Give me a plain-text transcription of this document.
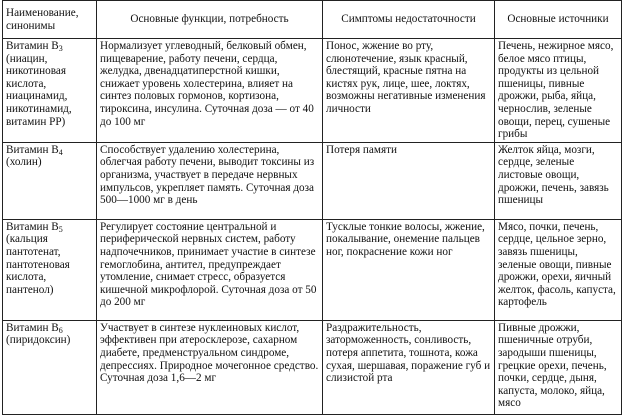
Наименование, синонимы	Основные функции, потребность	Симптомы недостаточности	Основные источники
Витамин $B_3$ (ниацин, никотиновая кислота, ниацинамид, никотинамид, витамин PP)	Нормализует углеводный, белковый обмен, пищеварение, работу печени, сердца, желудка, двенадцатиперстной кишки, снижает уровень холестерина, влияет на синтез половых гормонов, кортизона, тироксина, инсулина. Суточная доза — от 40 до 100 мг	Понос, жжение во рту, слюнотечение, язык красный, блестящий, красные пятна на кистях рук, лице, шее, локтях, возможны негативные изменения личности	Печень, нежирное мясо, белое мясо птицы, продукты из цельной пшеницы, пивные дрожжи, рыба, яйца, чернослив, зеленые овощи, перец, сушеные грибы
Витамин $B_4$ (холин)	Способствует удалению холестерина, облегчая работу печени, выводит токсины из организма, участвует в передаче нервных импульсов, укрепляет память. Суточная доза 500—1000 мг в день	Потеря памяти	Желток яйца, мозги, сердце, зеленые листовые овощи, дрожжи, печень, завязь пшеницы
Витамин $B_5$ (кальция пантотенат, пантотеновая кислота, пантенол)	Регулирует состояние центральной и периферической нервных систем, работу надпочечников, принимает участие в синтезе гемоглобина, антител, предупреждает утомление, снимает стресс, образуется кишечной микрофлорой. Суточная доза от 50 до 200 мг	Тусклые тонкие волосы, жжение, покалывание, онемение пальцев ног, покраснение кожи ног	Мясо, почки, печень, сердце, цельное зерно, завязь пшеницы, зеленые овощи, пивные дрожжи, орехи, яичный желток, фасоль, капуста, картофель
Витамин $B_6$ (пиридоксин)	Участвует в синтезе нуклеиновых кислот, эффективен при атеросклерозе, сахарном диабете, предменструальном синдроме, депрессиях. Природное мочегонное средство. Суточная доза 1,6—2 мг	Раздражительность, заторможенность, сонливость, потеря аппетита, тошнота, кожа сухая, шершавая, поражение губ и слизистой рта	Пивные дрожжи, пшеничные отруби, зародыши пшеницы, грецкие орехи, печень, почки, сердце, дыня, капуста, молоко, яйца, мясо
